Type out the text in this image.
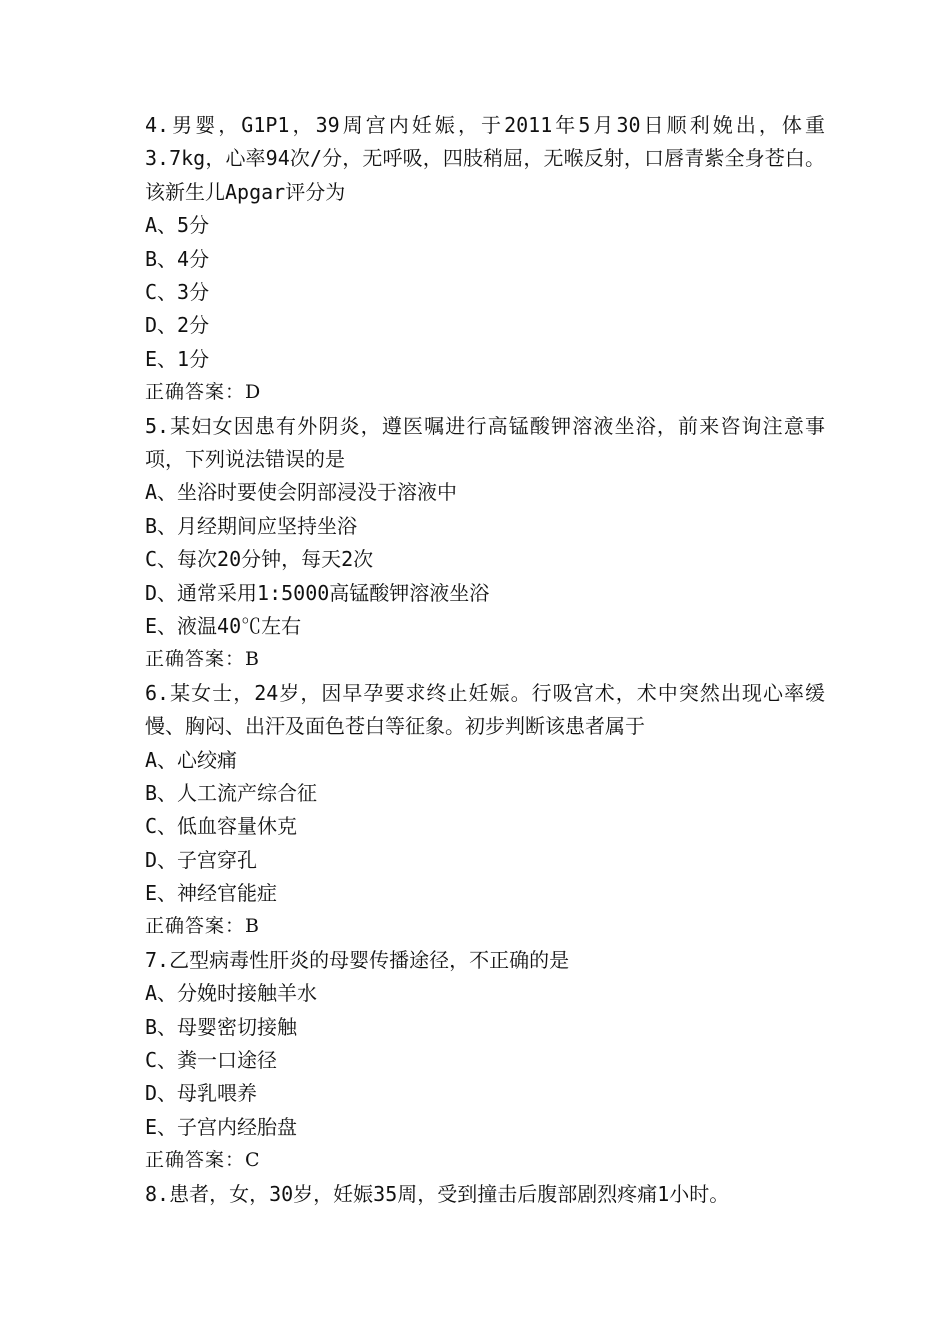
4.男婴，G1P1，39周宫内妊娠，于2011年5月30日顺利娩出，体重3.7kg，心率94次/分，无呼吸，四肢稍屈，无喉反射，口唇青紫全身苍白。该新生儿Apgar评分为
A、5分
B、4分
C、3分
D、2分
E、1分
正确答案：D
5.某妇女因患有外阴炎，遵医嘱进行高锰酸钾溶液坐浴，前来咨询注意事项，下列说法错误的是
A、坐浴时要使会阴部浸没于溶液中
B、月经期间应坚持坐浴
C、每次20分钟，每天2次
D、通常采用1:5000高锰酸钾溶液坐浴
E、液温40℃左右
正确答案：B
6.某女士，24岁，因早孕要求终止妊娠。行吸宫术，术中突然出现心率缓慢、胸闷、出汗及面色苍白等征象。初步判断该患者属于
A、心绞痛
B、人工流产综合征
C、低血容量休克
D、子宫穿孔
E、神经官能症
正确答案：B
7.乙型病毒性肝炎的母婴传播途径，不正确的是
A、分娩时接触羊水
B、母婴密切接触
C、粪一口途径
D、母乳喂养
E、子宫内经胎盘
正确答案：C
8.患者，女，30岁，妊娠35周，受到撞击后腹部剧烈疼痛1小时。
